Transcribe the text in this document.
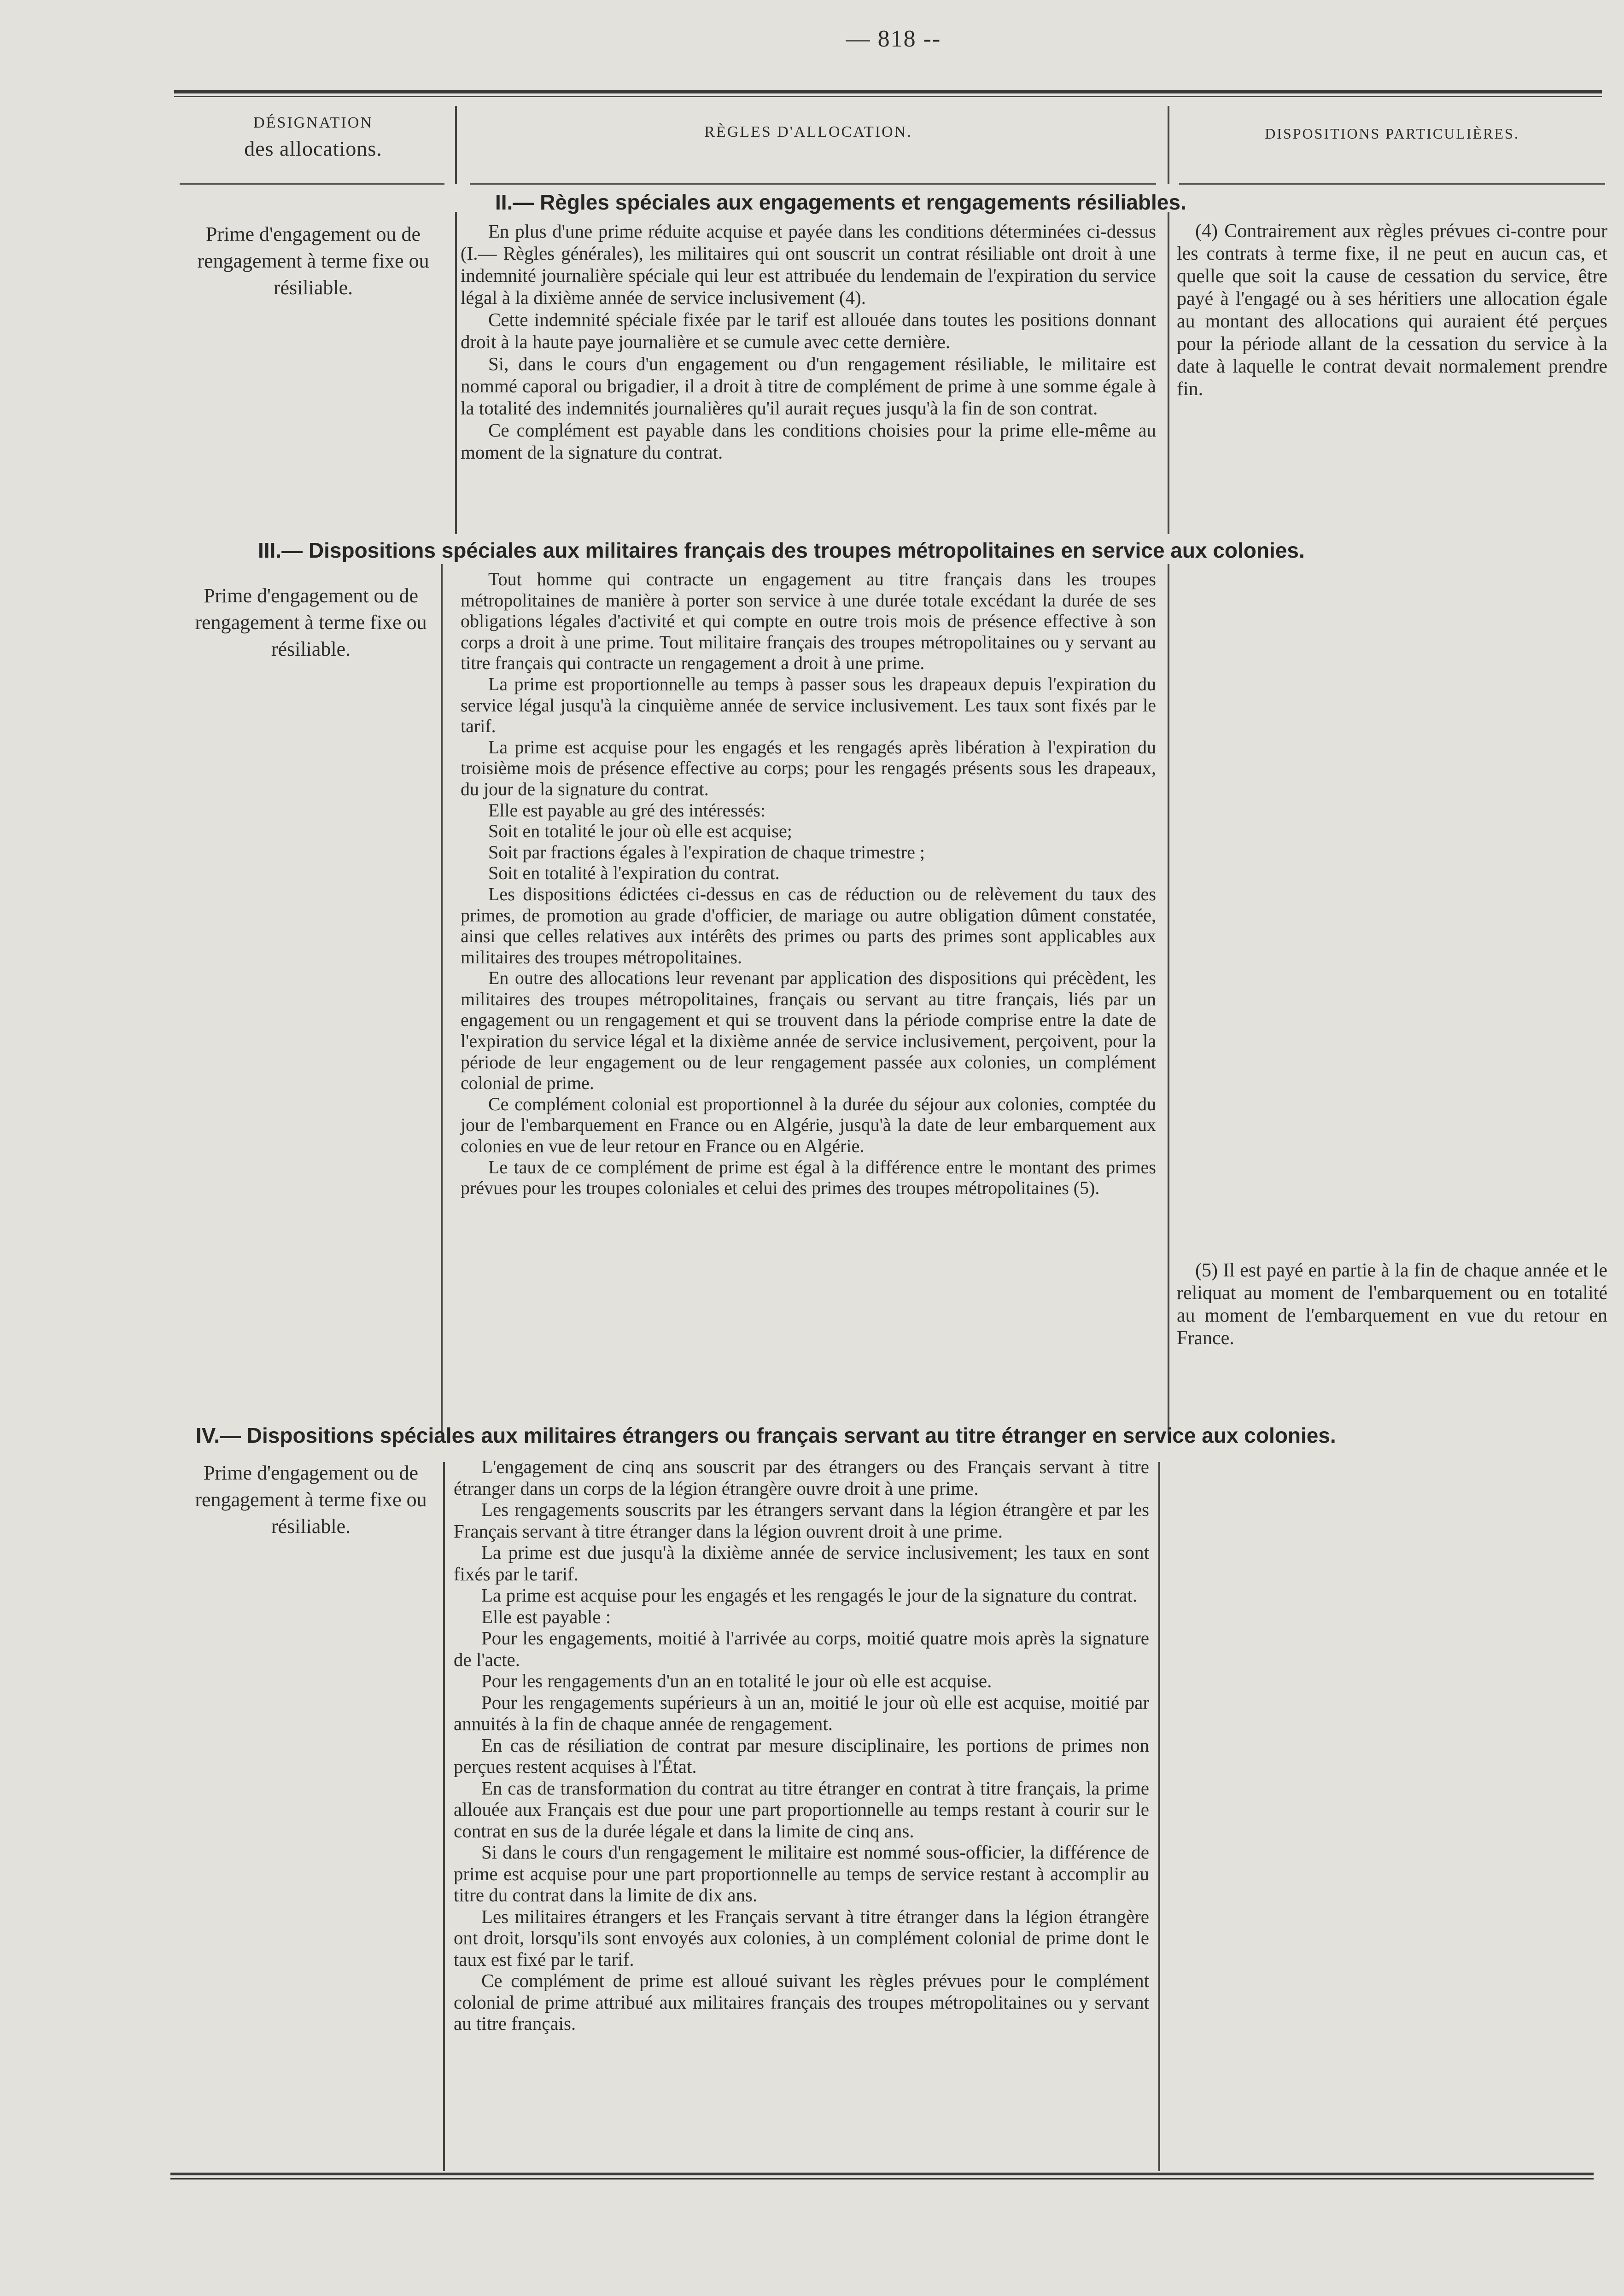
— 818 --
DÉSIGNATION
des allocations.
RÈGLES D'ALLOCATION.	DISPOSITIONS PARTICULIÈRES.
II.— Règles spéciales aux engagements et rengagements résiliables.
Prime d'engagement ou de rengagement à terme fixe ou résiliable.

En plus d'une prime réduite acquise et payée dans les conditions déterminées ci-dessus (I.— Règles générales), les militaires qui ont souscrit un contrat résiliable ont droit à une indemnité journalière spéciale qui leur est attribuée du lendemain de l'expiration du service légal à la dixième année de service inclusivement (4).

Cette indemnité spéciale fixée par le tarif est allouée dans toutes les positions donnant droit à la haute paye journalière et se cumule avec cette dernière.

Si, dans le cours d'un engagement ou d'un rengagement résiliable, le militaire est nommé caporal ou brigadier, il a droit à titre de complément de prime à une somme égale à la totalité des indemnités journalières qu'il aurait reçues jusqu'à la fin de son contrat.

Ce complément est payable dans les conditions choisies pour la prime elle-même au moment de la signature du contrat.

(4) Contrairement aux règles prévues ci-contre pour les contrats à terme fixe, il ne peut en aucun cas, et quelle que soit la cause de cessation du service, être payé à l'engagé ou à ses héritiers une allocation égale au montant des allocations qui auraient été perçues pour la période allant de la cessation du service à la date à laquelle le contrat devait normalement prendre fin.

III.— Dispositions spéciales aux militaires français des troupes métropolitaines en service aux colonies.
Prime d'engagement ou de rengagement à terme fixe ou résiliable.

Tout homme qui contracte un engagement au titre français dans les troupes métropolitaines de manière à porter son service à une durée totale excédant la durée de ses obligations légales d'activité et qui compte en outre trois mois de présence effective à son corps a droit à une prime. Tout militaire français des troupes métropolitaines ou y servant au titre français qui contracte un rengagement a droit à une prime.

La prime est proportionnelle au temps à passer sous les drapeaux depuis l'expiration du service légal jusqu'à la cinquième année de service inclusivement. Les taux sont fixés par le tarif.

La prime est acquise pour les engagés et les rengagés après libération à l'expiration du troisième mois de présence effective au corps; pour les rengagés présents sous les drapeaux, du jour de la signature du contrat.

Elle est payable au gré des intéressés:

Soit en totalité le jour où elle est acquise;

Soit par fractions égales à l'expiration de chaque trimestre ;

Soit en totalité à l'expiration du contrat.

Les dispositions édictées ci-dessus en cas de réduction ou de relèvement du taux des primes, de promotion au grade d'officier, de mariage ou autre obligation dûment constatée, ainsi que celles relatives aux intérêts des primes ou parts des primes sont applicables aux militaires des troupes métropolitaines.

En outre des allocations leur revenant par application des dispositions qui précèdent, les militaires des troupes métropolitaines, français ou servant au titre français, liés par un engagement ou un rengagement et qui se trouvent dans la période comprise entre la date de l'expiration du service légal et la dixième année de service inclusivement, perçoivent, pour la période de leur engagement ou de leur rengagement passée aux colonies, un complément colonial de prime.

Ce complément colonial est proportionnel à la durée du séjour aux colonies, comptée du jour de l'embarquement en France ou en Algérie, jusqu'à la date de leur embarquement aux colonies en vue de leur retour en France ou en Algérie.

Le taux de ce complément de prime est égal à la différence entre le montant des primes prévues pour les troupes coloniales et celui des primes des troupes métropolitaines (5).

(5) Il est payé en partie à la fin de chaque année et le reliquat au moment de l'embarquement ou en totalité au moment de l'embarquement en vue du retour en France.

IV.— Dispositions spéciales aux militaires étrangers ou français servant au titre étranger en service aux colonies.
Prime d'engagement ou de rengagement à terme fixe ou résiliable.

L'engagement de cinq ans souscrit par des étrangers ou des Français servant à titre étranger dans un corps de la légion étrangère ouvre droit à une prime.

Les rengagements souscrits par les étrangers servant dans la légion étrangère et par les Français servant à titre étranger dans la légion ouvrent droit à une prime.

La prime est due jusqu'à la dixième année de service inclusivement; les taux en sont fixés par le tarif.

La prime est acquise pour les engagés et les rengagés le jour de la signature du contrat.

Elle est payable :

Pour les engagements, moitié à l'arrivée au corps, moitié quatre mois après la signature de l'acte.

Pour les rengagements d'un an en totalité le jour où elle est acquise.

Pour les rengagements supérieurs à un an, moitié le jour où elle est acquise, moitié par annuités à la fin de chaque année de rengagement.

En cas de résiliation de contrat par mesure disciplinaire, les portions de primes non perçues restent acquises à l'État.

En cas de transformation du contrat au titre étranger en contrat à titre français, la prime allouée aux Français est due pour une part proportionnelle au temps restant à courir sur le contrat en sus de la durée légale et dans la limite de cinq ans.

Si dans le cours d'un rengagement le militaire est nommé sous-officier, la différence de prime est acquise pour une part proportionnelle au temps de service restant à accomplir au titre du contrat dans la limite de dix ans.

Les militaires étrangers et les Français servant à titre étranger dans la légion étrangère ont droit, lorsqu'ils sont envoyés aux colonies, à un complément colonial de prime dont le taux est fixé par le tarif.

Ce complément de prime est alloué suivant les règles prévues pour le complément colonial de prime attribué aux militaires français des troupes métropolitaines ou y servant au titre français.
